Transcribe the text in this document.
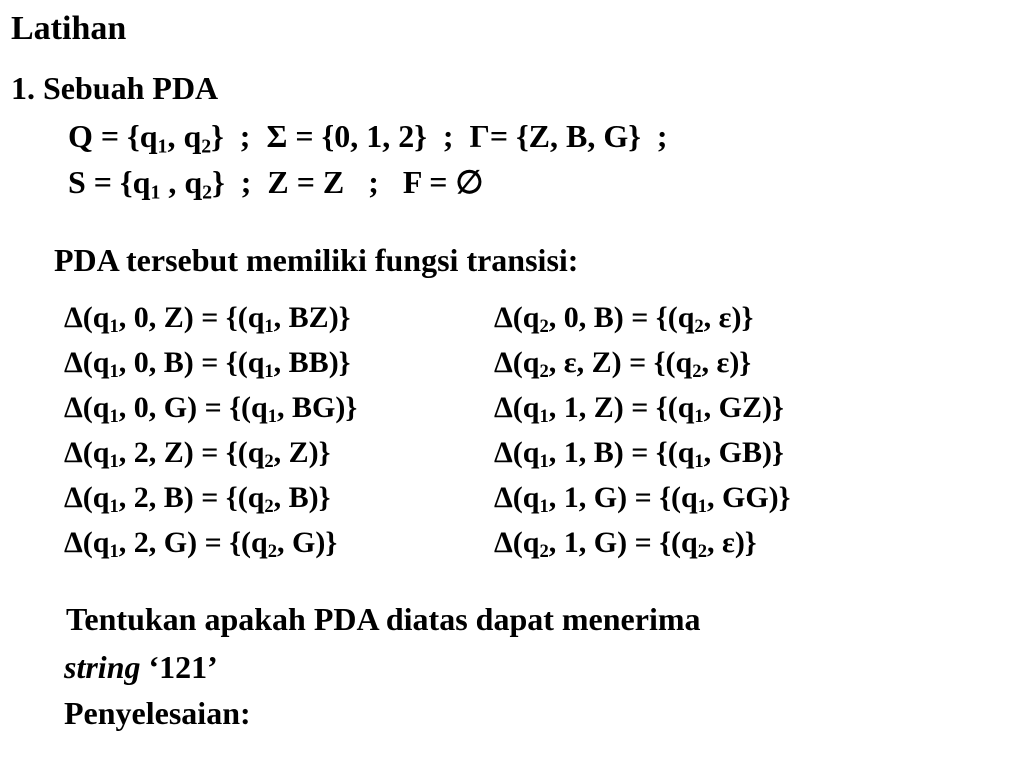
Latihan
1. Sebuah PDA
$Q = \{q_1$, $q_2$}  ;  Σ = {0, 1, 2}  ;  Γ= {Z, B, G}  ;
$S = \{q_1$ , $q_2$}  ;  Z = Z   ;   F = ∅
PDA tersebut memiliki fungsi transisi:
$\Delta(q_1$, 0, $Z) = \{(q_1$, BZ)}
$\Delta(q_1$, 0, $B) = \{(q_1$, BB)}
$\Delta(q_1$, 0, $G) = \{(q_1$, BG)}
$\Delta(q_1$, 2, $Z) = \{(q_2$, Z)}
$\Delta(q_1$, 2, $B) = \{(q_2$, B)}
$\Delta(q_1$, 2, $G) = \{(q_2$, G)}
$\Delta(q_2$, 0, $B) = \{(q_2$, ε)}
$\Delta(q_2$, ε, $Z) = \{(q_2$, ε)}
$\Delta(q_1$, 1, $Z) = \{(q_1$, GZ)}
$\Delta(q_1$, 1, $B) = \{(q_1$, GB)}
$\Delta(q_1$, 1, $G) = \{(q_1$, GG)}
$\Delta(q_2$, 1, $G) = \{(q_2$, ε)}
Tentukan apakah PDA diatas dapat menerima
string ‘121’
Penyelesaian:
